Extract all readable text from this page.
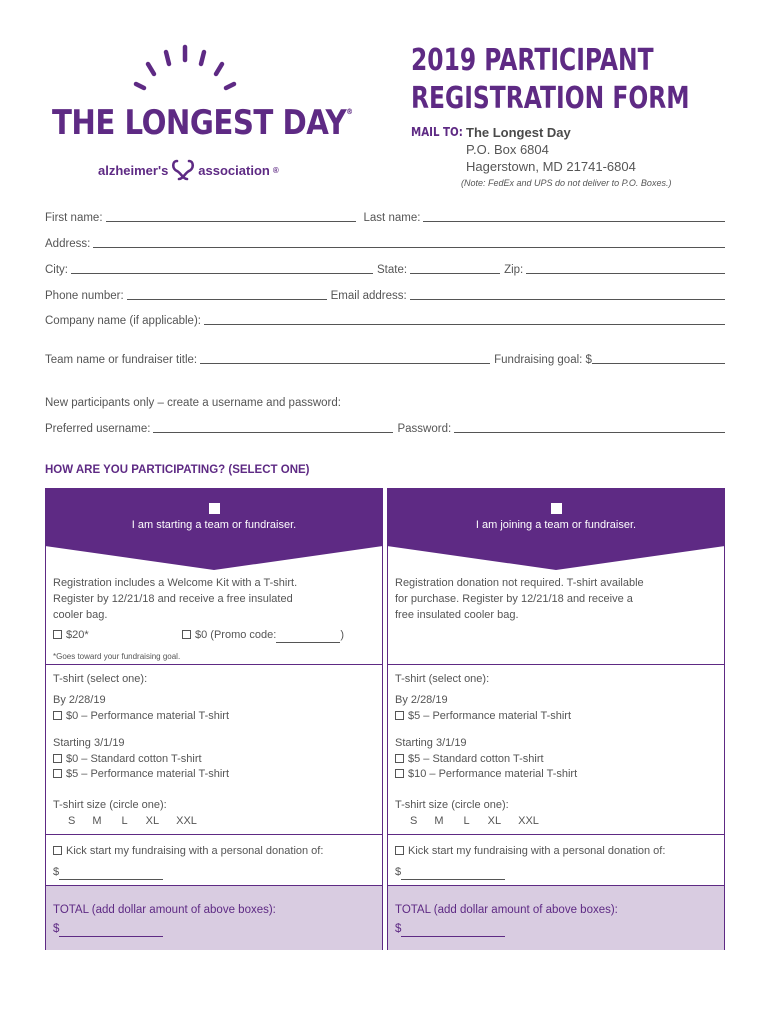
THE LONGEST DAY®
alzheimer's association ®
2019 PARTICIPANT
REGISTRATION FORM
MAIL TO: The Longest Day
P.O. Box 6804
Hagerstown, MD 21741-6804
(Note: FedEx and UPS do not deliver to P.O. Boxes.)
First name:	Last name:
Address:
City:	State:	Zip:
Phone number:	Email address:
Company name (if applicable):
Team name or fundraiser title:	Fundraising goal: $
New participants only – create a username and password:
Preferred username:	Password:
HOW ARE YOU PARTICIPATING? (SELECT ONE)
I am starting a team or fundraiser.
Registration includes a Welcome Kit with a T-shirt.
Register by 12/21/18 and receive a free insulated
cooler bag.
$20*	$0 (Promo code:	)
*Goes toward your fundraising goal.
T-shirt (select one):
By 2/28/19
$0 – Performance material T-shirt
Starting 3/1/19
$0 – Standard cotton T-shirt
$5 – Performance material T-shirt
T-shirt size (circle one):
S M L XL XXL
Kick start my fundraising with a personal donation of:
$
TOTAL (add dollar amount of above boxes):
$
I am joining a team or fundraiser.
Registration donation not required. T-shirt available
for purchase. Register by 12/21/18 and receive a
free insulated cooler bag.
T-shirt (select one):
By 2/28/19
$5 – Performance material T-shirt
Starting 3/1/19
$5 – Standard cotton T-shirt
$10 – Performance material T-shirt
T-shirt size (circle one):
S M L XL XXL
Kick start my fundraising with a personal donation of:
$
TOTAL (add dollar amount of above boxes):
$
